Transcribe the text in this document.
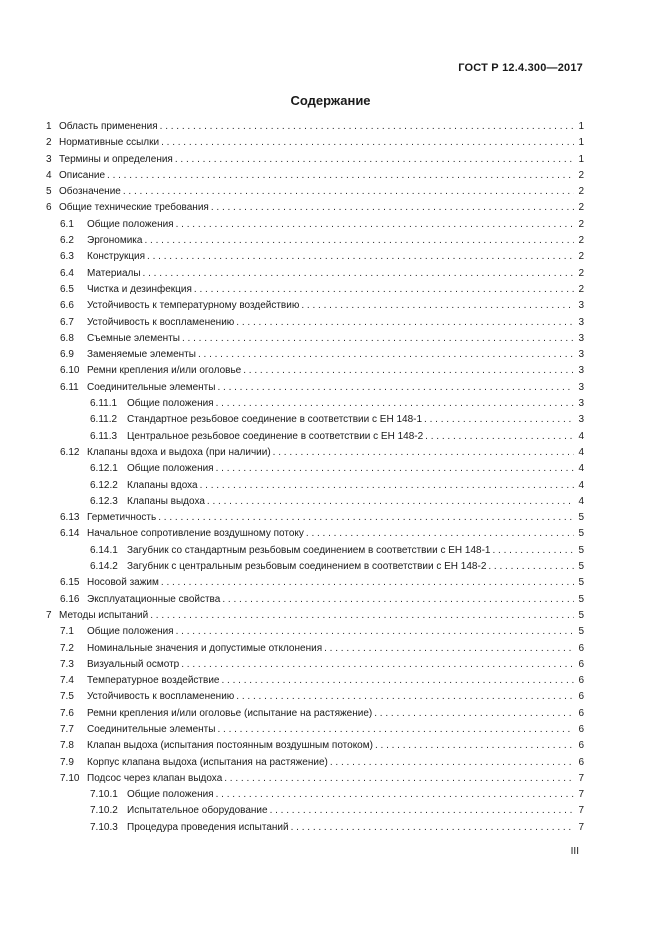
ГОСТ Р 12.4.300—2017
Содержание
1 Область применения . . .	1
2 Нормативные ссылки . . .	1
3 Термины и определения . . .	1
4 Описание . . .	2
5 Обозначение . . .	2
6 Общие технические требования . . .	2
6.1	Общие положения . . .	2
6.2	Эргономика . . .	2
6.3	Конструкция . . .	2
6.4	Материалы . . .	2
6.5	Чистка и дезинфекция . . .	2
6.6	Устойчивость к температурному воздействию . . .	3
6.7	Устойчивость к воспламенению . . .	3
6.8	Съемные элементы . . .	3
6.9	Заменяемые элементы . . .	3
6.10 Ремни крепления и/или оголовье . . .	3
6.11 Соединительные элементы . . .	3
6.11.1 Общие положения . . .	3
6.11.2 Стандартное резьбовое соединение в соответствии с ЕН 148-1 . . .	3
6.11.3 Центральное резьбовое соединение в соответствии с ЕН 148-2 . . .	4
6.12 Клапаны вдоха и выдоха (при наличии) . . .	4
6.12.1 Общие положения . . .	4
6.12.2 Клапаны вдоха . . .	4
6.12.3 Клапаны выдоха . . .	4
6.13 Герметичность . . .	5
6.14 Начальное сопротивление воздушному потоку . . .	5
6.14.1 Загубник со стандартным резьбовым соединением в соответствии с ЕН 148-1 . . .	5
6.14.2 Загубник с центральным резьбовым соединением в соответствии с ЕН 148-2 . . .	5
6.15 Носовой зажим . . .	5
6.16 Эксплуатационные свойства . . .	5
7 Методы испытаний . . .	5
7.1	Общие положения . . .	5
7.2	Номинальные значения и допустимые отклонения . . .	6
7.3	Визуальный осмотр . . .	6
7.4	Температурное воздействие . . .	6
7.5	Устойчивость к воспламенению . . .	6
7.6	Ремни крепления и/или оголовье (испытание на растяжение) . . .	6
7.7	Соединительные элементы . . .	6
7.8	Клапан выдоха (испытания постоянным воздушным потоком) . . .	6
7.9	Корпус клапана выдоха (испытания на растяжение) . . .	6
7.10 Подсос через клапан выдоха . . .	7
7.10.1 Общие положения . . .	7
7.10.2 Испытательное оборудование . . .	7
7.10.3 Процедура проведения испытаний . . .	7
III
